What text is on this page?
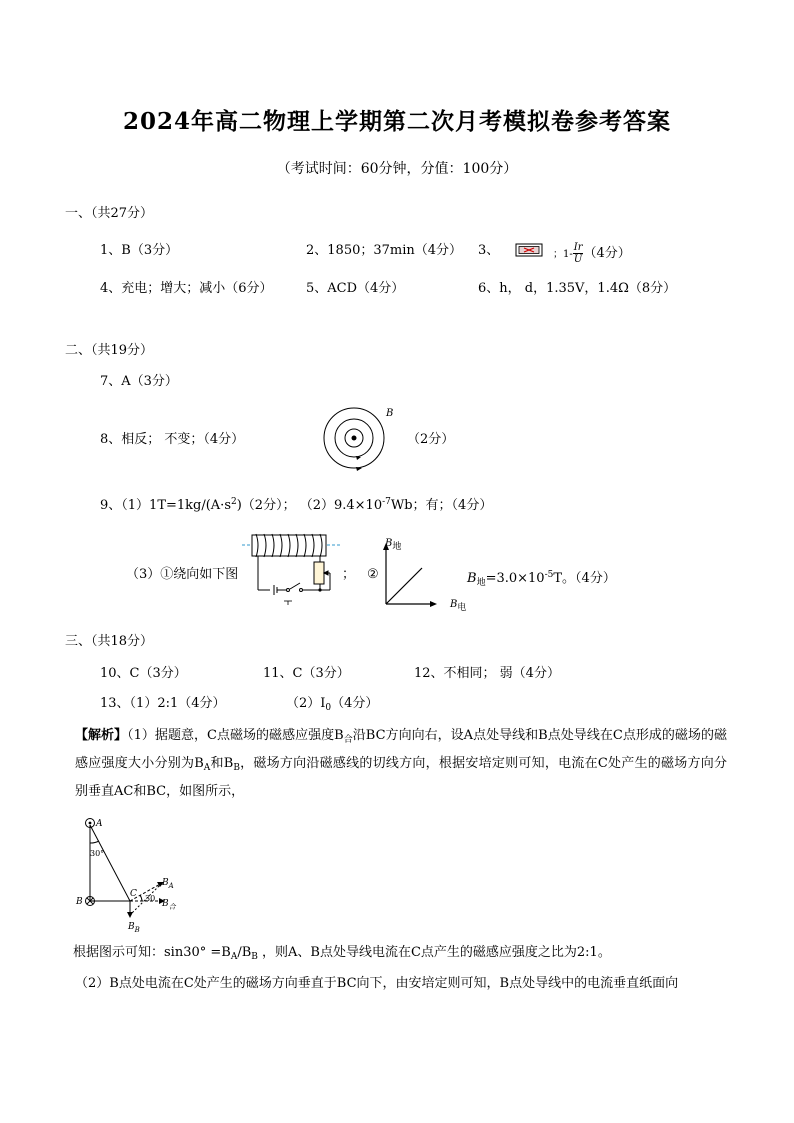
2024年高二物理上学期第二次月考模拟卷参考答案
（考试时间：60分钟，分值：100分）
一、（共27分）
1、B（3分）	2、1850；37min（4分） 3、	；$1- \frac{Ir}{U} (4$分）
4、充电；增大；减小（6分）	5、ACD（4分）	6、h， d，1.35V，1.4Ω（8分）
二、（共19分）
7、A（3分）
8、相反； 不变；（4分）
B
（2分）
9、$(1)1T=1kg/(A\cdot s^2)(2$分）； $(2)9.4\times 10^{-7}Wb$；有；（4分）
（3）①绕向如下图	； ②
B地
B电
$B_地=3.0\times 10^{-5}T$。（4分）
三、（共18分）
10、C（3分）	11、C（3分）	12、不相同； 弱（4分）
13、（1）2:1（4分）	$(2)I_0(4$分）
【解析】（1）据题意，C点磁场的磁感应强度$B_合$沿BC方向向右，设A点处导线和B点处导线在C点形成的磁场的磁感应强度大小分别为$B_A$和$B_B$，磁场方向沿磁感线的切线方向，根据安培定则可知，电流在C处产生的磁场方向分别垂直AC和BC，如图所示，
A
30°
B
C 30
$B_A$
$B_合$
$B_B$
根据图示可知：$\sin 30^\circ =B_A/B_B$ ，则A、B点处导线电流在C点产生的磁感应强度之比为2:1。
（2）B点处电流在C处产生的磁场方向垂直于BC向下，由安培定则可知，B点处导线中的电流垂直纸面向
